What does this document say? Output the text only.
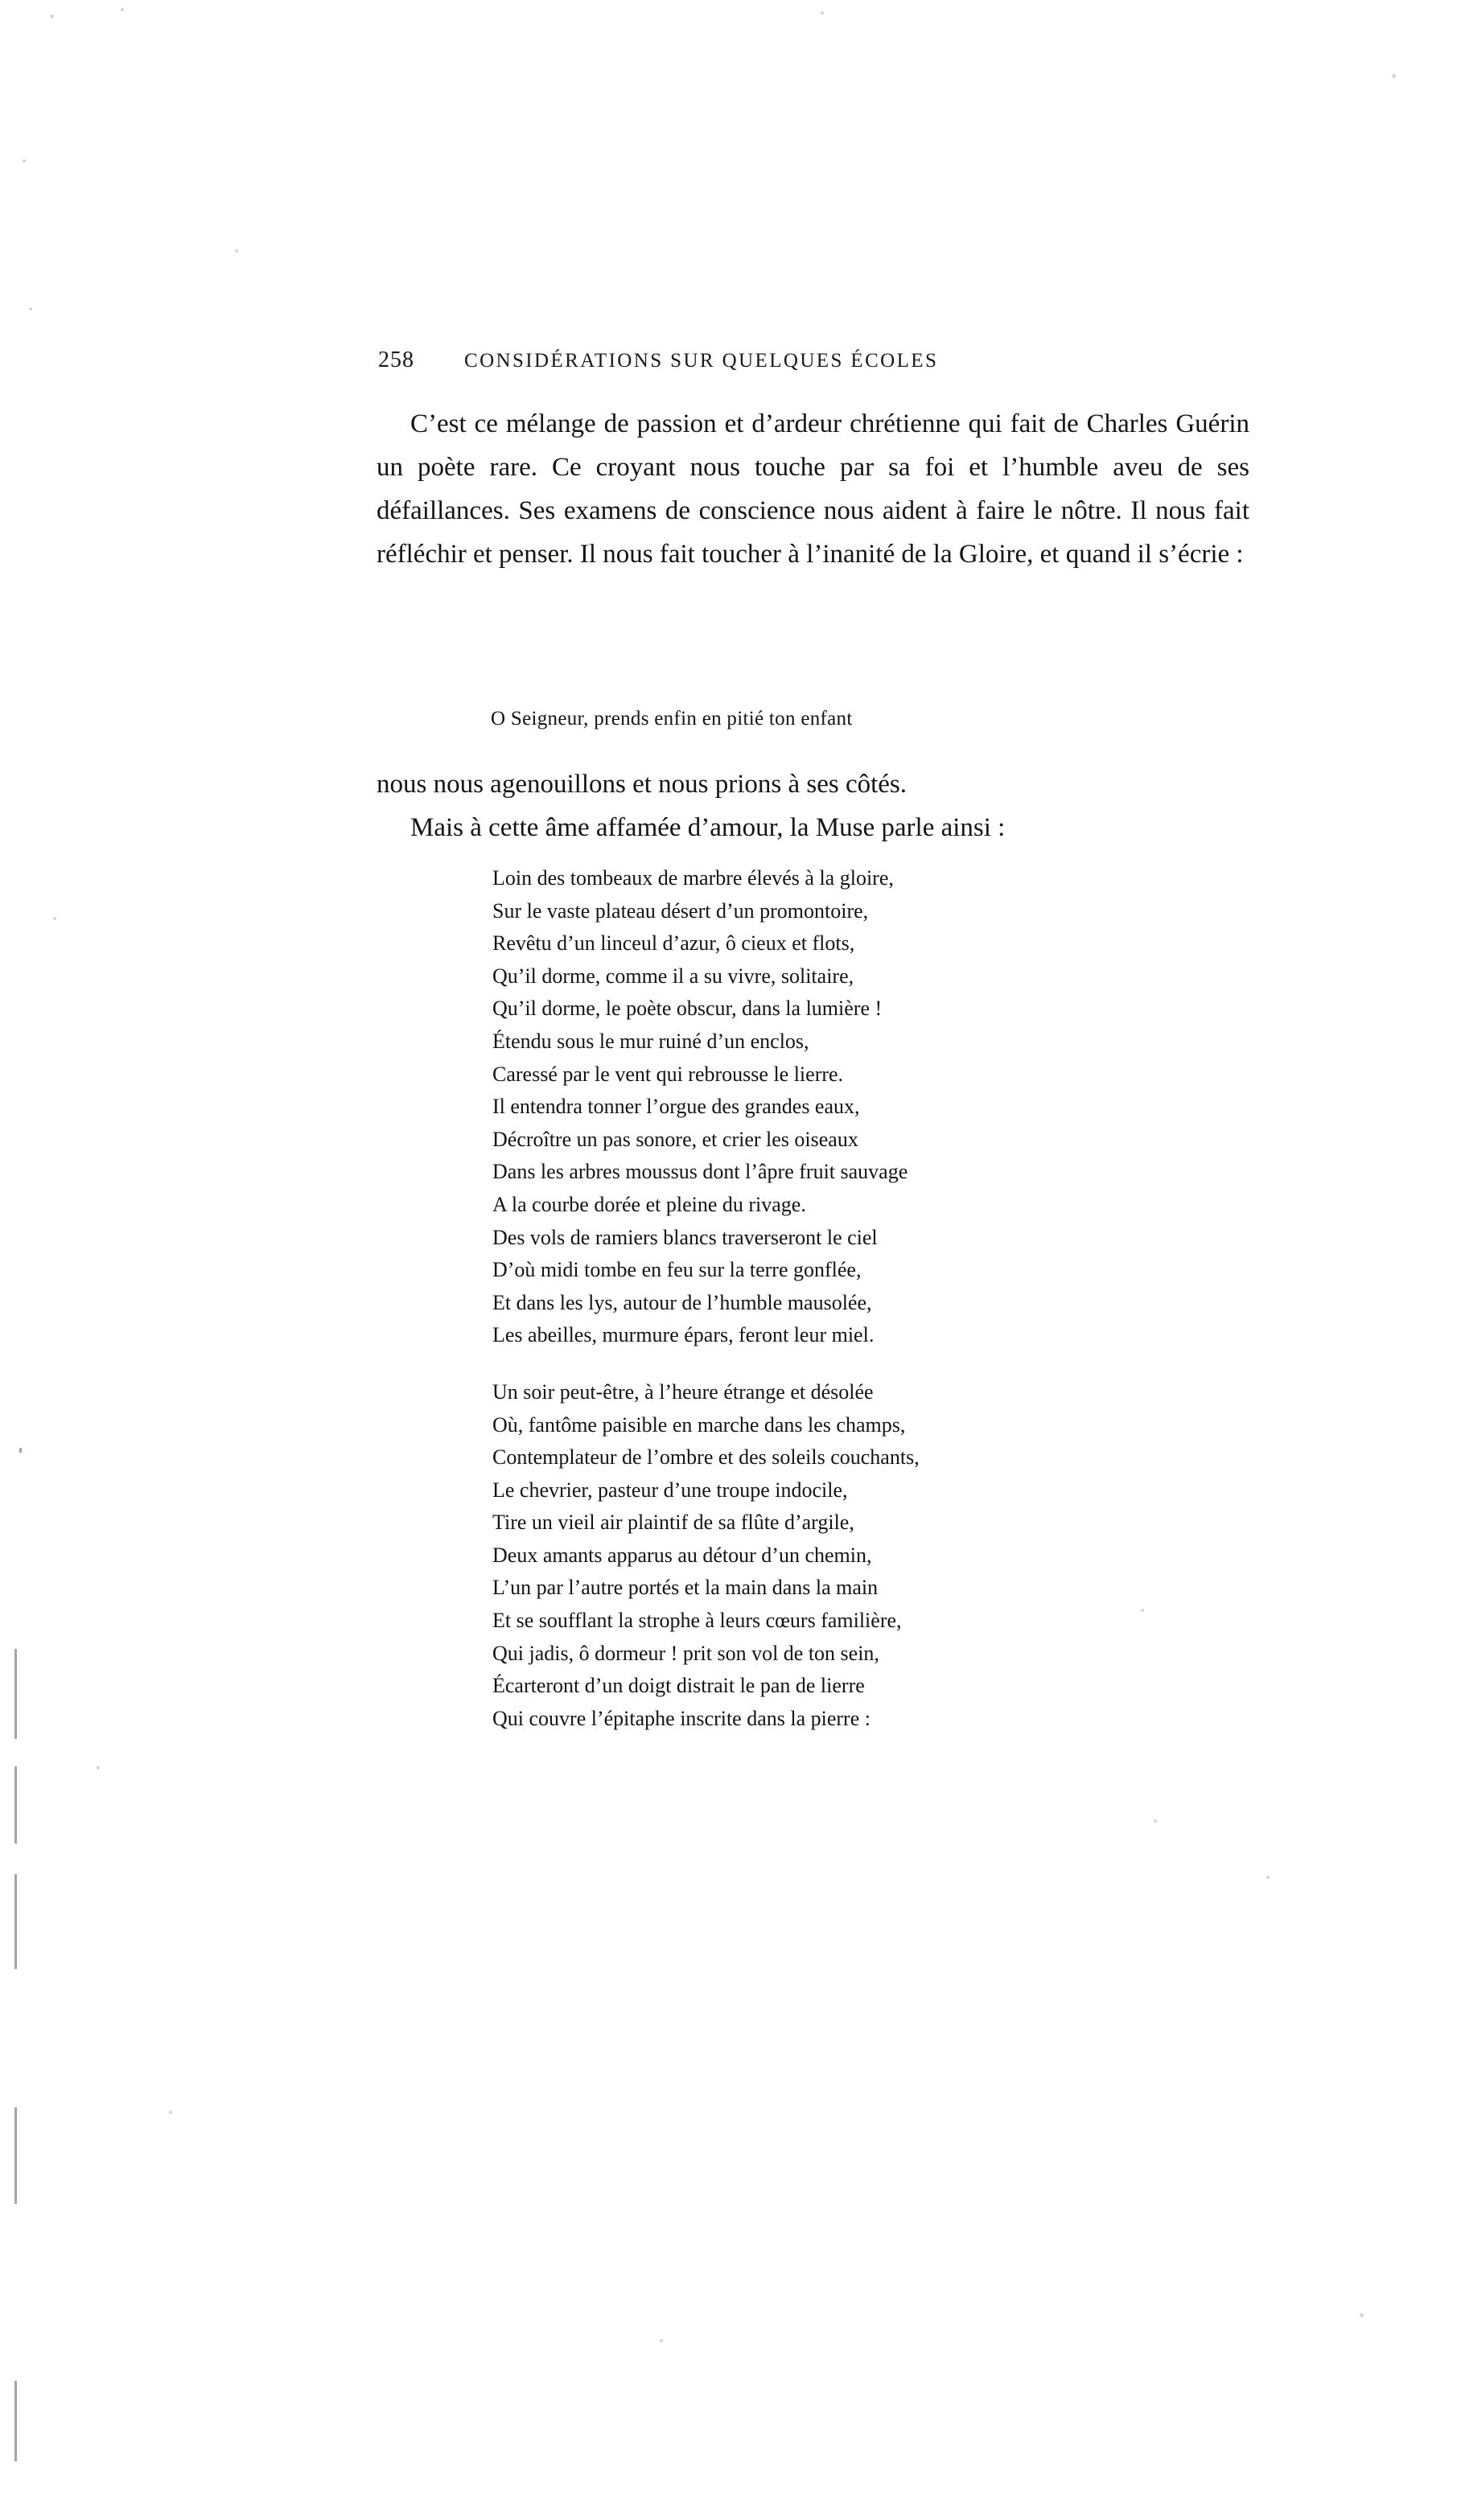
258 CONSIDÉRATIONS SUR QUELQUES ÉCOLES

C’est ce mélange de passion et d’ardeur chrétienne qui fait de Charles Guérin un poète rare. Ce croyant nous touche par sa foi et l’humble aveu de ses défaillances. Ses examens de conscience nous aident à faire le nôtre. Il nous fait réfléchir et penser. Il nous fait toucher à l’inanité de la Gloire, et quand il s’écrie :

O Seigneur, prends enfin en pitié ton enfant

nous nous agenouillons et nous prions à ses côtés.

Mais à cette âme affamée d’amour, la Muse parle ainsi :

Loin des tombeaux de marbre élevés à la gloire,
Sur le vaste plateau désert d’un promontoire,
Revêtu d’un linceul d’azur, ô cieux et flots,
Qu’il dorme, comme il a su vivre, solitaire,
Qu’il dorme, le poète obscur, dans la lumière !
Étendu sous le mur ruiné d’un enclos,
Caressé par le vent qui rebrousse le lierre.
Il entendra tonner l’orgue des grandes eaux,
Décroître un pas sonore, et crier les oiseaux
Dans les arbres moussus dont l’âpre fruit sauvage
A la courbe dorée et pleine du rivage.
Des vols de ramiers blancs traverseront le ciel
D’où midi tombe en feu sur la terre gonflée,
Et dans les lys, autour de l’humble mausolée,
Les abeilles, murmure épars, feront leur miel.
Un soir peut-être, à l’heure étrange et désolée
Où, fantôme paisible en marche dans les champs,
Contemplateur de l’ombre et des soleils couchants,
Le chevrier, pasteur d’une troupe indocile,
Tire un vieil air plaintif de sa flûte d’argile,
Deux amants apparus au détour d’un chemin,
L’un par l’autre portés et la main dans la main
Et se soufflant la strophe à leurs cœurs familière,
Qui jadis, ô dormeur ! prit son vol de ton sein,
Écarteront d’un doigt distrait le pan de lierre
Qui couvre l’épitaphe inscrite dans la pierre :
